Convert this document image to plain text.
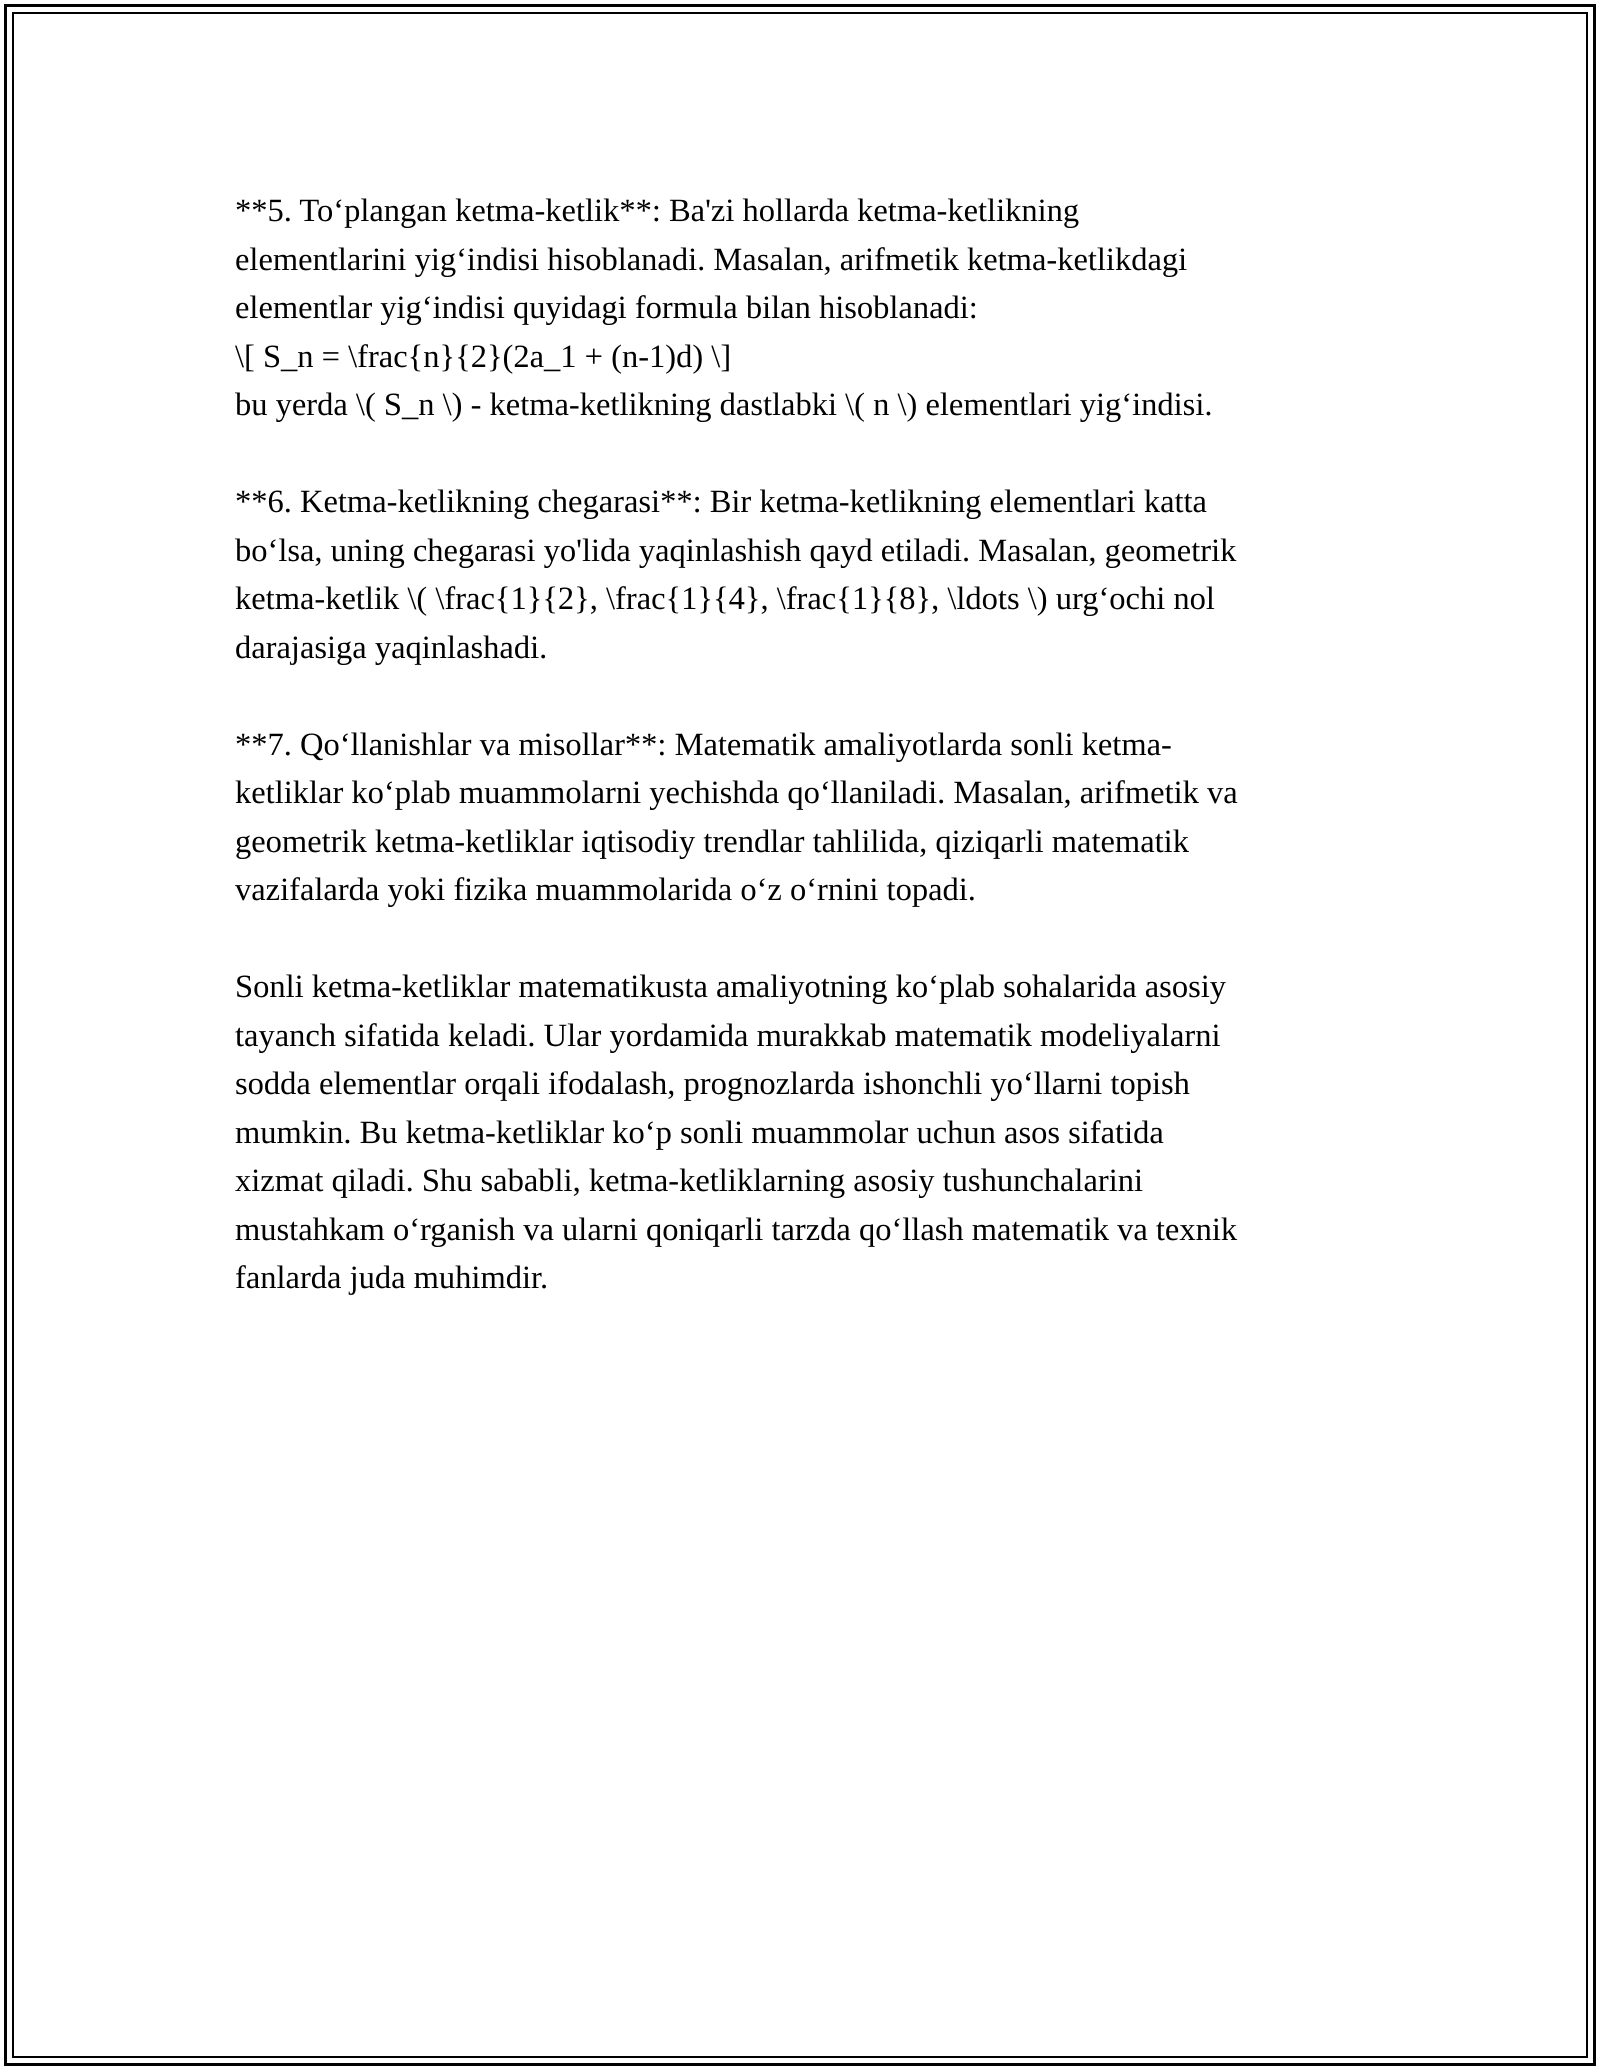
**5. To‘plangan ketma-ketlik**: Ba'zi hollarda ketma-ketlikning
elementlarini yig‘indisi hisoblanadi. Masalan, arifmetik ketma-ketlikdagi
elementlar yig‘indisi quyidagi formula bilan hisoblanadi:
\[ S_n = \frac{n}{2}(2a_1 + (n-1)d) \]
bu yerda \( S_n \) - ketma-ketlikning dastlabki \( n \) elementlari yig‘indisi.

**6. Ketma-ketlikning chegarasi**: Bir ketma-ketlikning elementlari katta
bo‘lsa, uning chegarasi yo'lida yaqinlashish qayd etiladi. Masalan, geometrik
ketma-ketlik \( \frac{1}{2}, \frac{1}{4}, \frac{1}{8}, \ldots \) urg‘ochi nol
darajasiga yaqinlashadi.

**7. Qo‘llanishlar va misollar**: Matematik amaliyotlarda sonli ketma-
ketliklar ko‘plab muammolarni yechishda qo‘llaniladi. Masalan, arifmetik va
geometrik ketma-ketliklar iqtisodiy trendlar tahlilida, qiziqarli matematik
vazifalarda yoki fizika muammolarida o‘z o‘rnini topadi.

Sonli ketma-ketliklar matematikusta amaliyotning ko‘plab sohalarida asosiy
tayanch sifatida keladi. Ular yordamida murakkab matematik modeliyalarni
sodda elementlar orqali ifodalash, prognozlarda ishonchli yo‘llarni topish
mumkin. Bu ketma-ketliklar ko‘p sonli muammolar uchun asos sifatida
xizmat qiladi. Shu sababli, ketma-ketliklarning asosiy tushunchalarini
mustahkam o‘rganish va ularni qoniqarli tarzda qo‘llash matematik va texnik
fanlarda juda muhimdir.
